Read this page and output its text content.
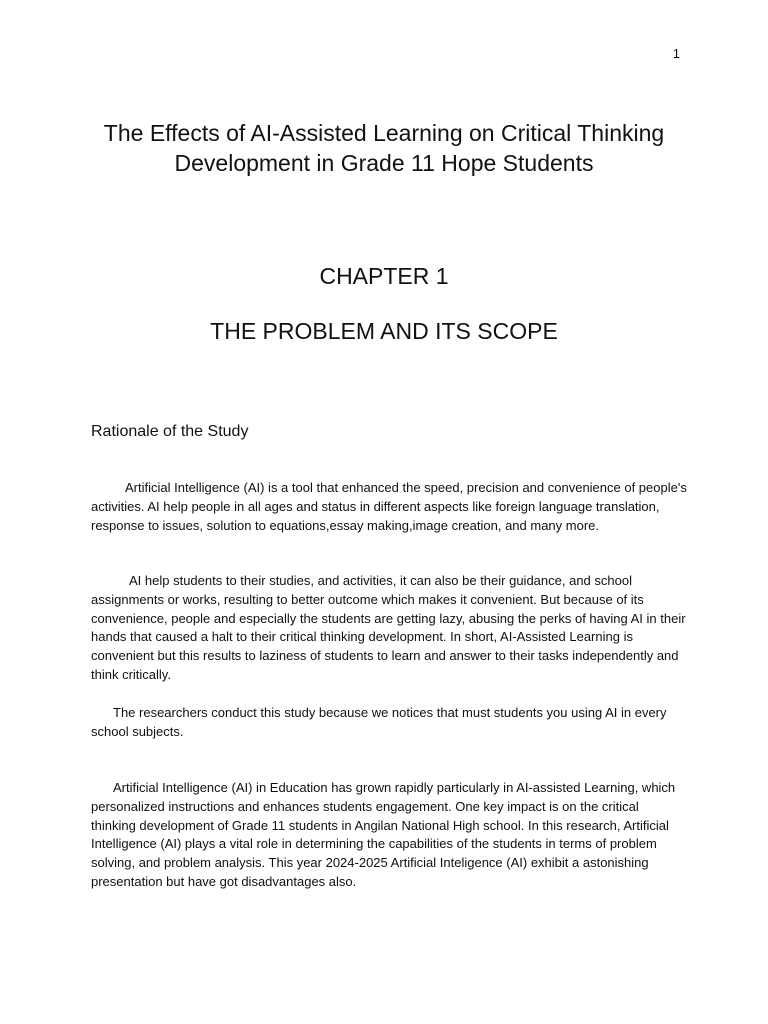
1
The Effects of AI-Assisted Learning on Critical Thinking Development in Grade 11 Hope Students
CHAPTER 1
THE PROBLEM AND ITS SCOPE
Rationale of the Study

Artificial Intelligence (AI) is a tool that enhanced the speed, precision and convenience of people's activities. AI help people in all ages and status in different aspects like foreign language translation, response to issues, solution to equations,essay making,image creation, and many more.

AI help students to their studies, and activities, it can also be their guidance, and school assignments or works, resulting to better outcome which makes it convenient. But because of its convenience, people and especially the students are getting lazy, abusing the perks of having AI in their hands that caused a halt to their critical thinking development. In short, AI-Assisted Learning is convenient but this results to laziness of students to learn and answer to their tasks independently and think critically.

The researchers conduct this study because we notices that must students you using AI in every school subjects.

Artificial Intelligence (AI) in Education has grown rapidly particularly in AI-assisted Learning, which personalized instructions and enhances students engagement. One key impact is on the critical thinking development of Grade 11 students in Angilan National High school. In this research, Artificial Intelligence (AI) plays a vital role in determining the capabilities of the students in terms of problem solving, and problem analysis. This year 2024-2025 Artificial Inteligence (AI) exhibit a astonishing presentation but have got disadvantages also.
